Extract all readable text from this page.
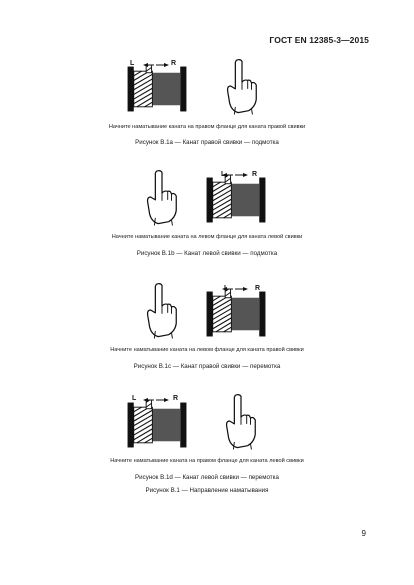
ГОСТ EN 12385-3—2015
9
L	R
Начните наматывание каната на правом фланце для каната правой свивки
Рисунок B.1a — Канат правой свивки — подмотка
L	R
Начните наматывание каната на левом фланце для каната левой свивки
Рисунок B.1b — Канат левой свивки — подмотка
L	R
Начните наматывание каната на левом фланце для каната правой свивки
Рисунок B.1c — Канат правой свивки — перемотка
L	R
Начните наматывание каната на правом фланце для каната левой свивки
Рисунок B.1d — Канат левой свивки — перемотка
Рисунок B.1 — Направление наматывания
